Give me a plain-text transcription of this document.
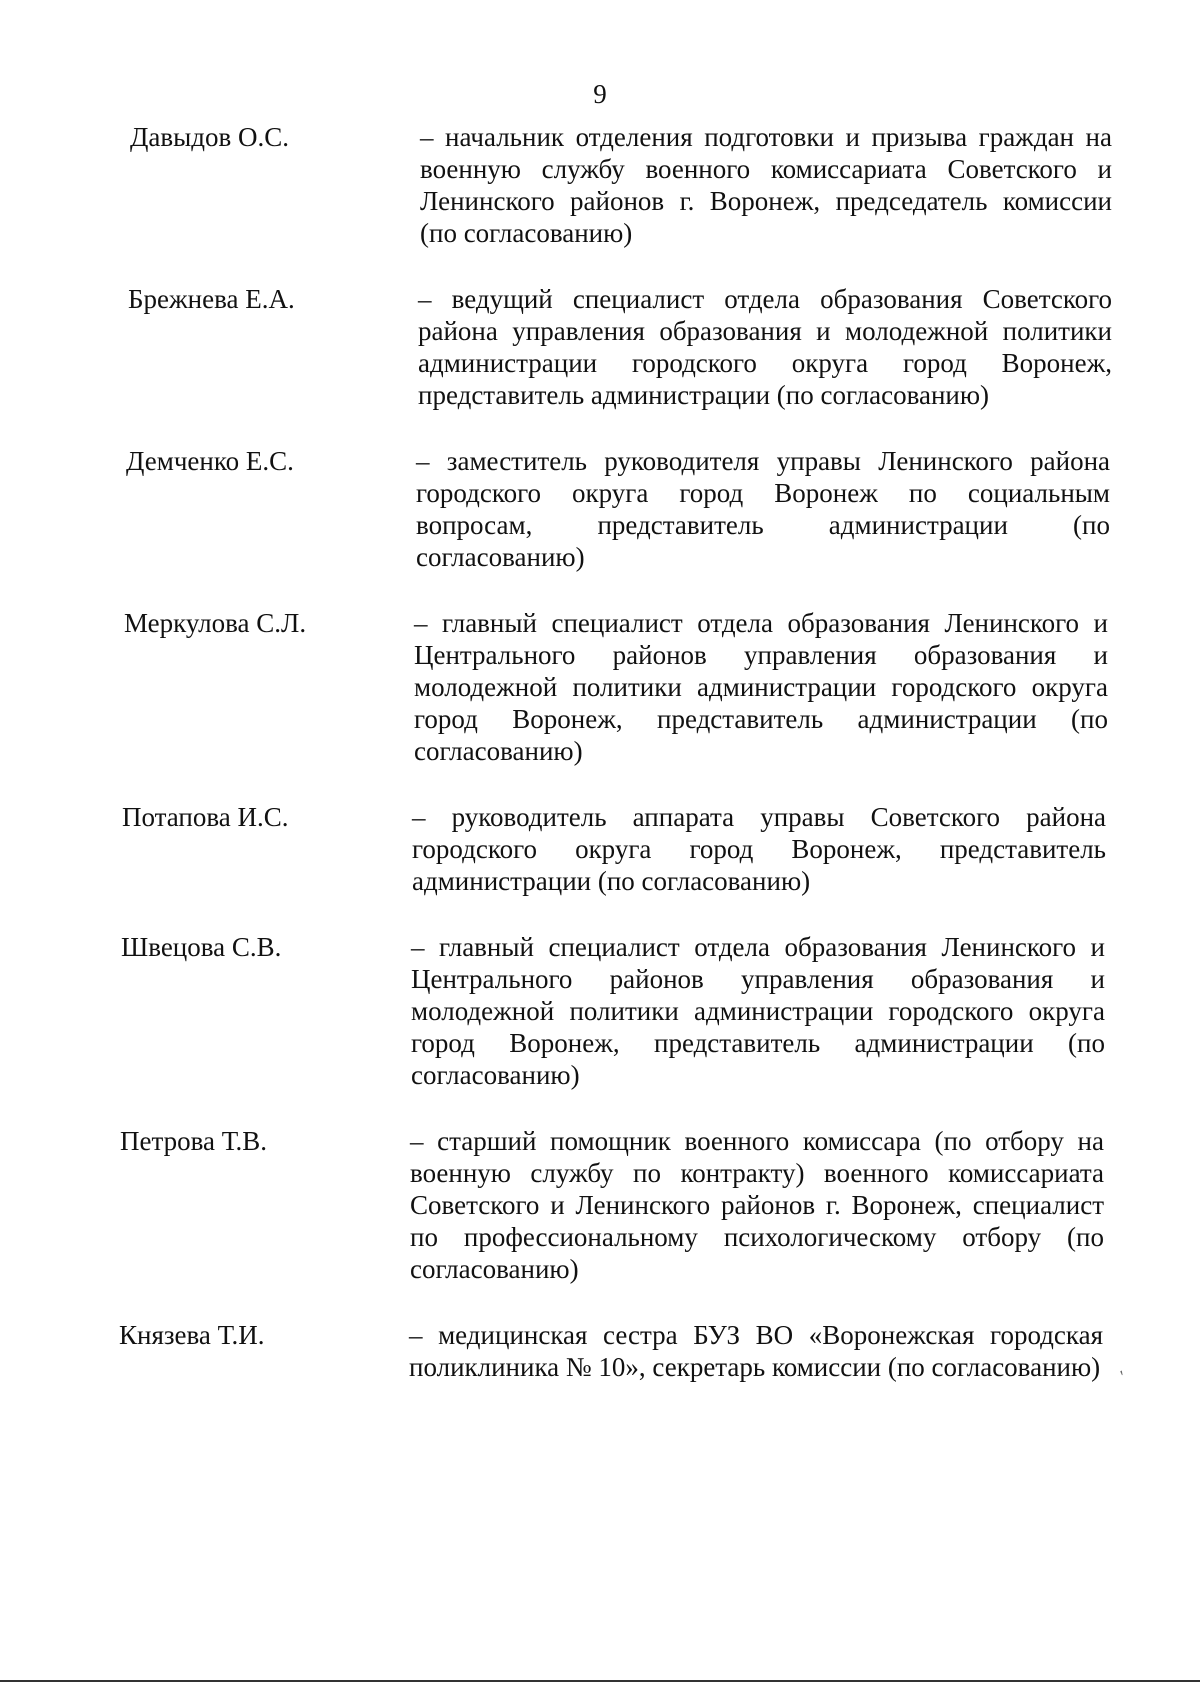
9
Давыдов О.С.	– начальник отделения подготовки и призыва граждан на военную службу военного комиссариата Советского и Ленинского районов г. Воронеж, председатель комиссии (по согласованию)
Брежнева Е.А.	– ведущий специалист отдела образования Советского района управления образования и молодежной политики администрации городского округа город Воронеж, представитель администрации (по согласованию)
Демченко Е.С.	– заместитель руководителя управы Ленинского района городского округа город Воронеж по социальным вопросам, представитель администрации (по согласованию)
Меркулова С.Л.	– главный специалист отдела образования Ленинского и Центрального районов управления образования и молодежной политики администрации городского округа город Воронеж, представитель администрации (по согласованию)
Потапова И.С.	– руководитель аппарата управы Советского района городского округа город Воронеж, представитель администрации (по согласованию)
Швецова С.В.	– главный специалист отдела образования Ленинского и Центрального районов управления образования и молодежной политики администрации городского округа город Воронеж, представитель администрации (по согласованию)
Петрова Т.В.	– старший помощник военного комиссара (по отбору на военную службу по контракту) военного комиссариата Советского и Ленинского районов г. Воронеж, специалист по профессиональному психологическому отбору (по согласованию)
Князева Т.И.	– медицинская сестра БУЗ ВО «Воронежская городская поликлиника № 10», секретарь комиссии (по согласованию) ʹ
